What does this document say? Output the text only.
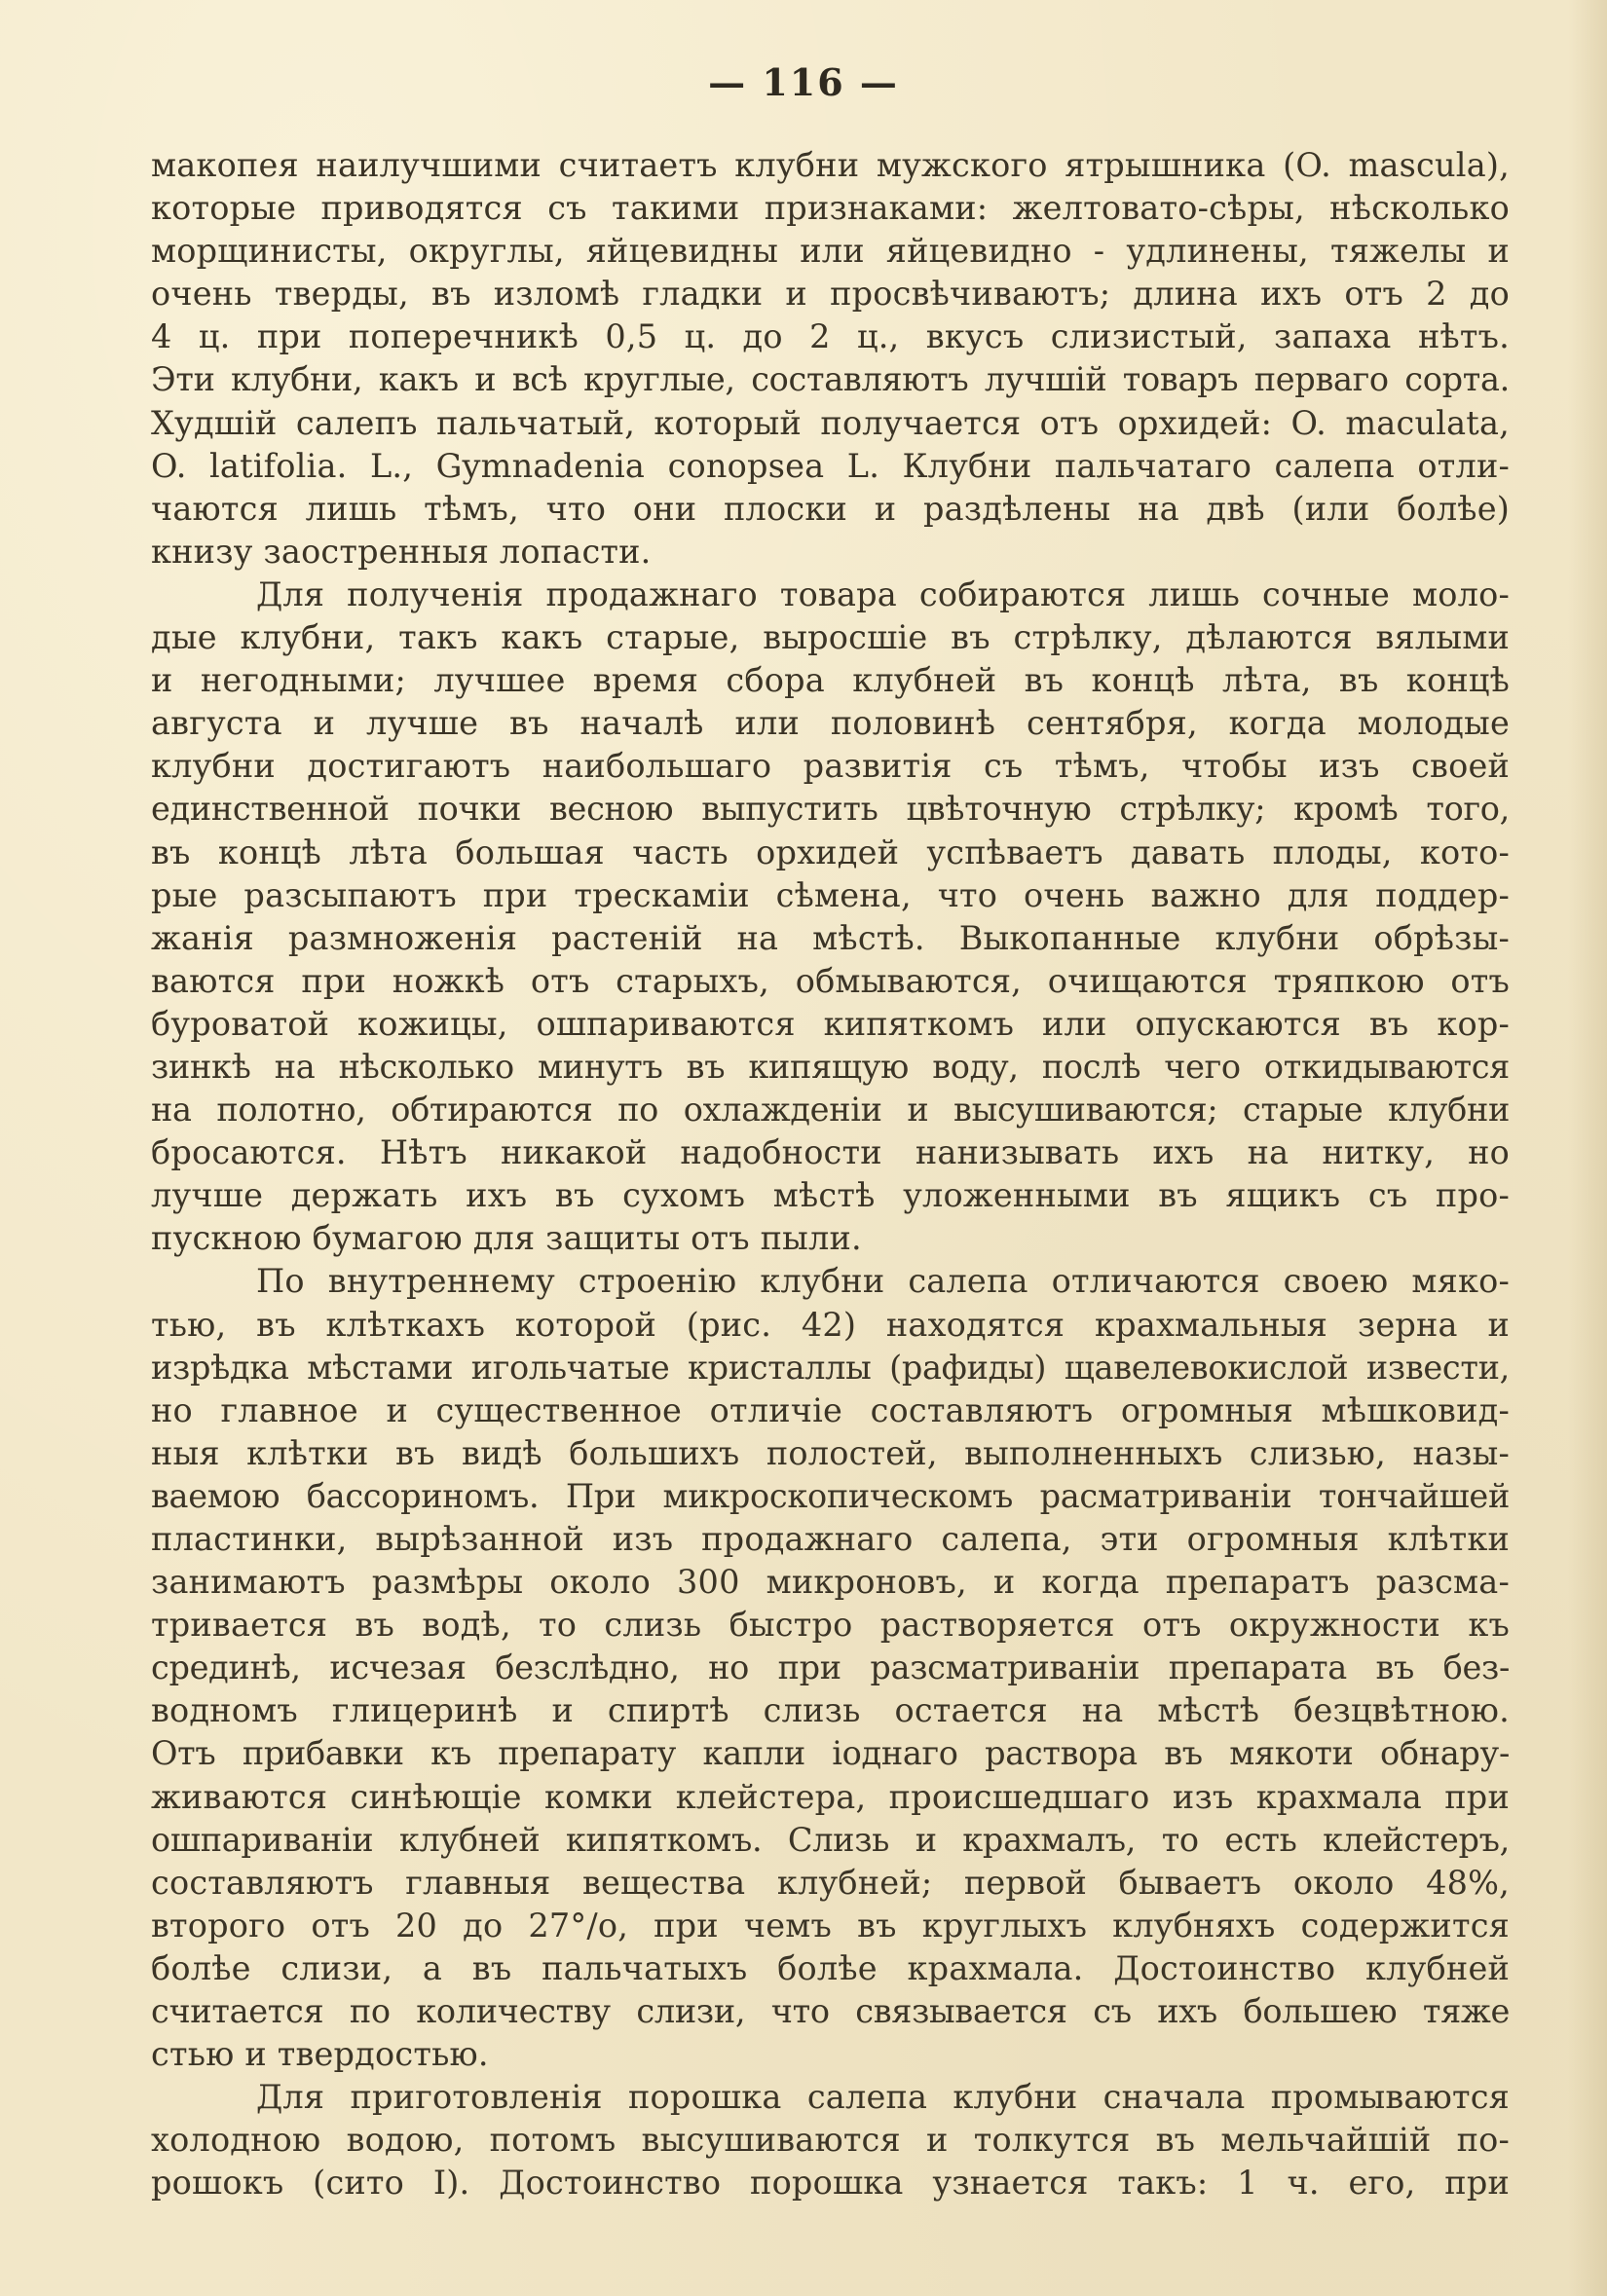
— 116 —
макопея наилучшими считаетъ клубни мужского ятрышника (O. mascula),
которые приводятся съ такими признаками: желтовато-сѣры, нѣсколько
морщинисты, округлы, яйцевидны или яйцевидно - удлинены, тяжелы и
очень тверды, въ изломѣ гладки и просвѣчиваютъ; длина ихъ отъ 2 до
4 ц. при поперечникѣ 0,5 ц. до 2 ц., вкусъ слизистый, запаха нѣтъ.
Эти клубни, какъ и всѣ круглые, составляютъ лучшій товаръ перваго сорта.
Худшій салепъ пальчатый, который получается отъ орхидей: O. maculata,
O. latifolia. L., Gymnadenia conopsea L. Клубни пальчатаго салепа отли-
чаются лишь тѣмъ, что они плоски и раздѣлены на двѣ (или болѣе)
книзу заостренныя лопасти.
Для полученія продажнаго товара собираются лишь сочные моло-
дые клубни, такъ какъ старые, выросшіе въ стрѣлку, дѣлаются вялыми
и негодными; лучшее время сбора клубней въ концѣ лѣта, въ концѣ
августа и лучше въ началѣ или половинѣ сентября, когда молодые
клубни достигаютъ наибольшаго развитія съ тѣмъ, чтобы изъ своей
единственной почки весною выпустить цвѣточную стрѣлку; кромѣ того,
въ концѣ лѣта большая часть орхидей успѣваетъ давать плоды, кото-
рые разсыпаютъ при трескаміи сѣмена, что очень важно для поддер-
жанія размноженія растеній на мѣстѣ. Выкопанные клубни обрѣзы-
ваются при ножкѣ отъ старыхъ, обмываются, очищаются тряпкою отъ
буроватой кожицы, ошпариваются кипяткомъ или опускаются въ кор-
зинкѣ на нѣсколько минутъ въ кипящую воду, послѣ чего откидываются
на полотно, обтираются по охлажденіи и высушиваются; старые клубни
бросаются. Нѣтъ никакой надобности нанизывать ихъ на нитку, но
лучше держать ихъ въ сухомъ мѣстѣ уложенными въ ящикъ съ про-
пускною бумагою для защиты отъ пыли.
По внутреннему строенію клубни салепа отличаются своею мяко-
тью, въ клѣткахъ которой (рис. 42) находятся крахмальныя зерна и
изрѣдка мѣстами игольчатые кристаллы (рафиды) щавелевокислой извести,
но главное и существенное отличіе составляютъ огромныя мѣшковид-
ныя клѣтки въ видѣ большихъ полостей, выполненныхъ слизью, назы-
ваемою бассориномъ. При микроскопическомъ расматриваніи тончайшей
пластинки, вырѣзанной изъ продажнаго салепа, эти огромныя клѣтки
занимаютъ размѣры около 300 микроновъ, и когда препаратъ разсма-
тривается въ водѣ, то слизь быстро растворяется отъ окружности къ
срединѣ, исчезая безслѣдно, но при разсматриваніи препарата въ без-
водномъ глицеринѣ и спиртѣ слизь остается на мѣстѣ безцвѣтною.
Отъ прибавки къ препарату капли іоднаго раствора въ мякоти обнару-
живаются синѣющіе комки клейстера, происшедшаго изъ крахмала при
ошпариваніи клубней кипяткомъ. Слизь и крахмалъ, то есть клейстеръ,
составляютъ главныя вещества клубней; первой бываетъ около 48%,
второго отъ 20 до 27°/о, при чемъ въ круглыхъ клубняхъ содержится
болѣе слизи, а въ пальчатыхъ болѣе крахмала. Достоинство клубней
считается по количеству слизи, что связывается съ ихъ большею тяже
стью и твердостью.
Для приготовленія порошка салепа клубни сначала промываются
холодною водою, потомъ высушиваются и толкутся въ мельчайшій по-
рошокъ (сито I). Достоинство порошка узнается такъ: 1 ч. его, при
